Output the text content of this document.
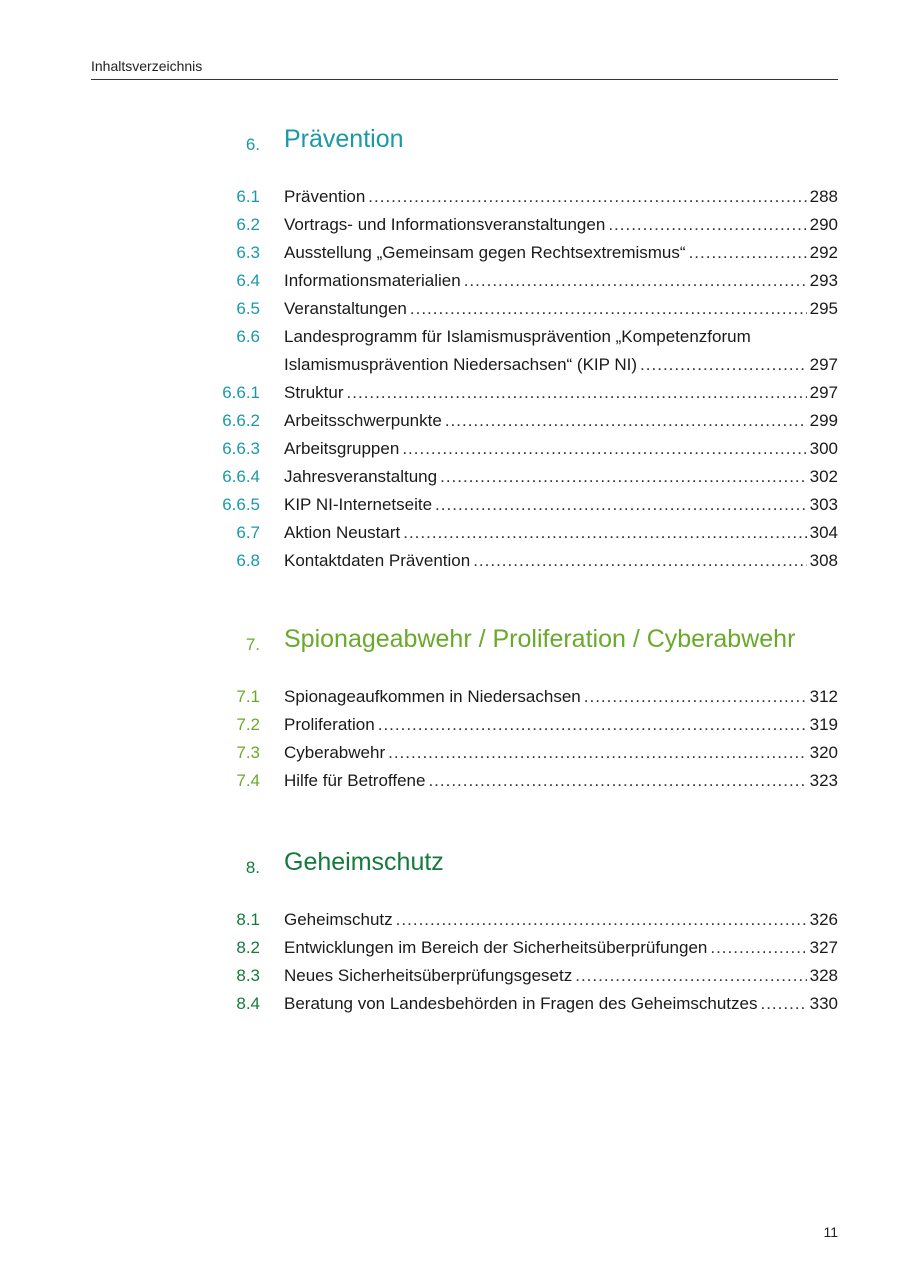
Inhaltsverzeichnis
6. Prävention
6.1 Prävention .....	288
6.2 Vortrags- und Informationsveranstaltungen .....	290
6.3 Ausstellung „Gemeinsam gegen Rechtsextremismus“ .....	292
6.4 Informationsmaterialien .....	293
6.5 Veranstaltungen .....	295
6.6 Landesprogramm für Islamismusprävention „Kompetenzforum
Islamismusprävention Niedersachsen“ (KIP NI) .....	297
6.6.1 Struktur .....	297
6.6.2 Arbeitsschwerpunkte .....	299
6.6.3 Arbeitsgruppen .....	300
6.6.4 Jahresveranstaltung .....	302
6.6.5 KIP NI-Internetseite .....	303
6.7 Aktion Neustart .....	304
6.8 Kontaktdaten Prävention .....	308
7. Spionageabwehr / Proliferation / Cyberabwehr
7.1 Spionageaufkommen in Niedersachsen .....	312
7.2 Proliferation .....	319
7.3 Cyberabwehr .....	320
7.4 Hilfe für Betroffene .....	323
8. Geheimschutz
8.1 Geheimschutz .....	326
8.2 Entwicklungen im Bereich der Sicherheitsüberprüfungen .....	327
8.3 Neues Sicherheitsüberprüfungsgesetz .....	328
8.4 Beratung von Landesbehörden in Fragen des Geheimschutzes .....	330
11
